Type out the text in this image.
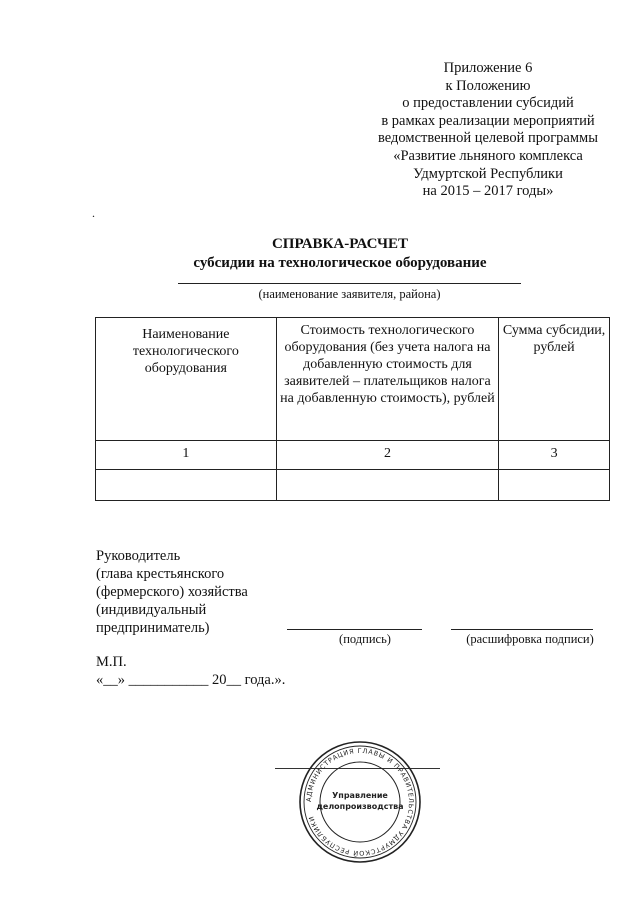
Приложение 6
к Положению
о предоставлении субсидий
в рамках реализации мероприятий
ведомственной целевой программы
«Развитие льняного комплекса
Удмуртской Республики
на 2015 – 2017 годы»
.
СПРАВКА-РАСЧЕТ
субсидии на технологическое оборудование
(наименование заявителя, района)
Наименование технологического оборудования	Стоимость технологического оборудования (без учета налога на добавленную стоимость для заявителей – плательщиков налога на добавленную стоимость), рублей	Сумма субсидии, рублей
1	2	3

Руководитель
(глава крестьянского
(фермерского) хозяйства
(индивидуальный
предприниматель)
(подпись)	(расшифровка подписи)
М.П.
«__» ___________ 20__ года.».
АДМИНИСТРАЦИЯ ГЛАВЫ И ПРАВИТЕЛЬСТВА УДМУРТСКОЙ РЕСПУБЛИКИ
Управление
делопроизводства
